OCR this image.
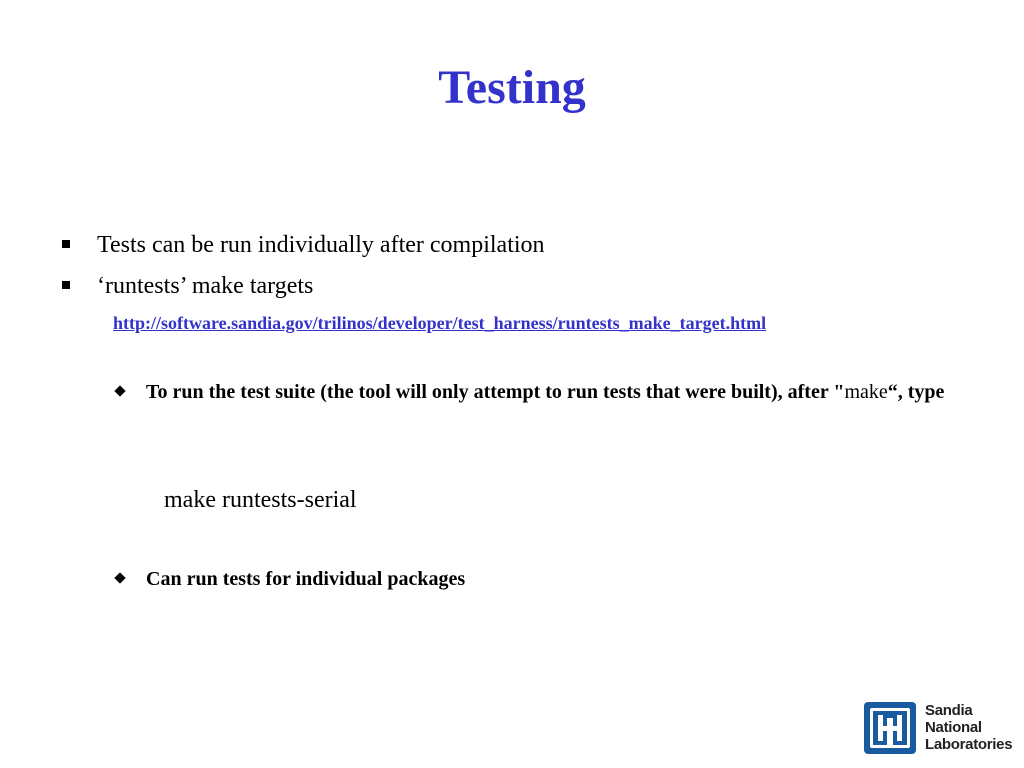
Testing
Tests can be run individually after compilation
‘runtests’ make targets
http://software.sandia.gov/trilinos/developer/test_harness/runtests_make_target.html
To run the test suite (the tool will only attempt to run tests that were built), after "make“, type
make runtests-serial
Can run tests for individual packages
Sandia
National
Laboratories
